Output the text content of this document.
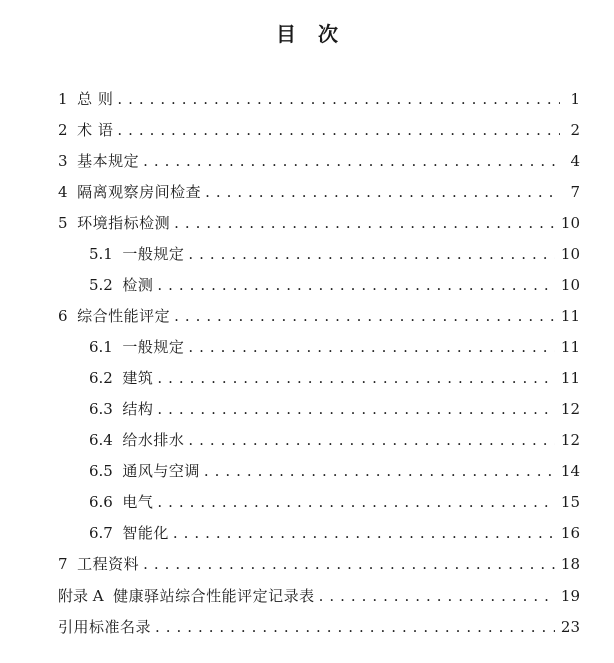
目 次
1 总 则 . . .	1
2 术 语 . . .	2
3 基本规定 . . .	4
4 隔离观察房间检查 . . .	7
5 环境指标检测 . . .	10
5.1 一般规定 . . .	10
5.2 检测 . . .	10
6 综合性能评定 . . .	11
6.1 一般规定 . . .	11
6.2 建筑 . . .	11
6.3 结构 . . .	12
6.4 给水排水 . . .	12
6.5 通风与空调 . . .	14
6.6 电气 . . .	15
6.7 智能化 . . .	16
7 工程资料 . . .	18
附录 A 健康驿站综合性能评定记录表 . . .	19
引用标准名录 . . .	23
